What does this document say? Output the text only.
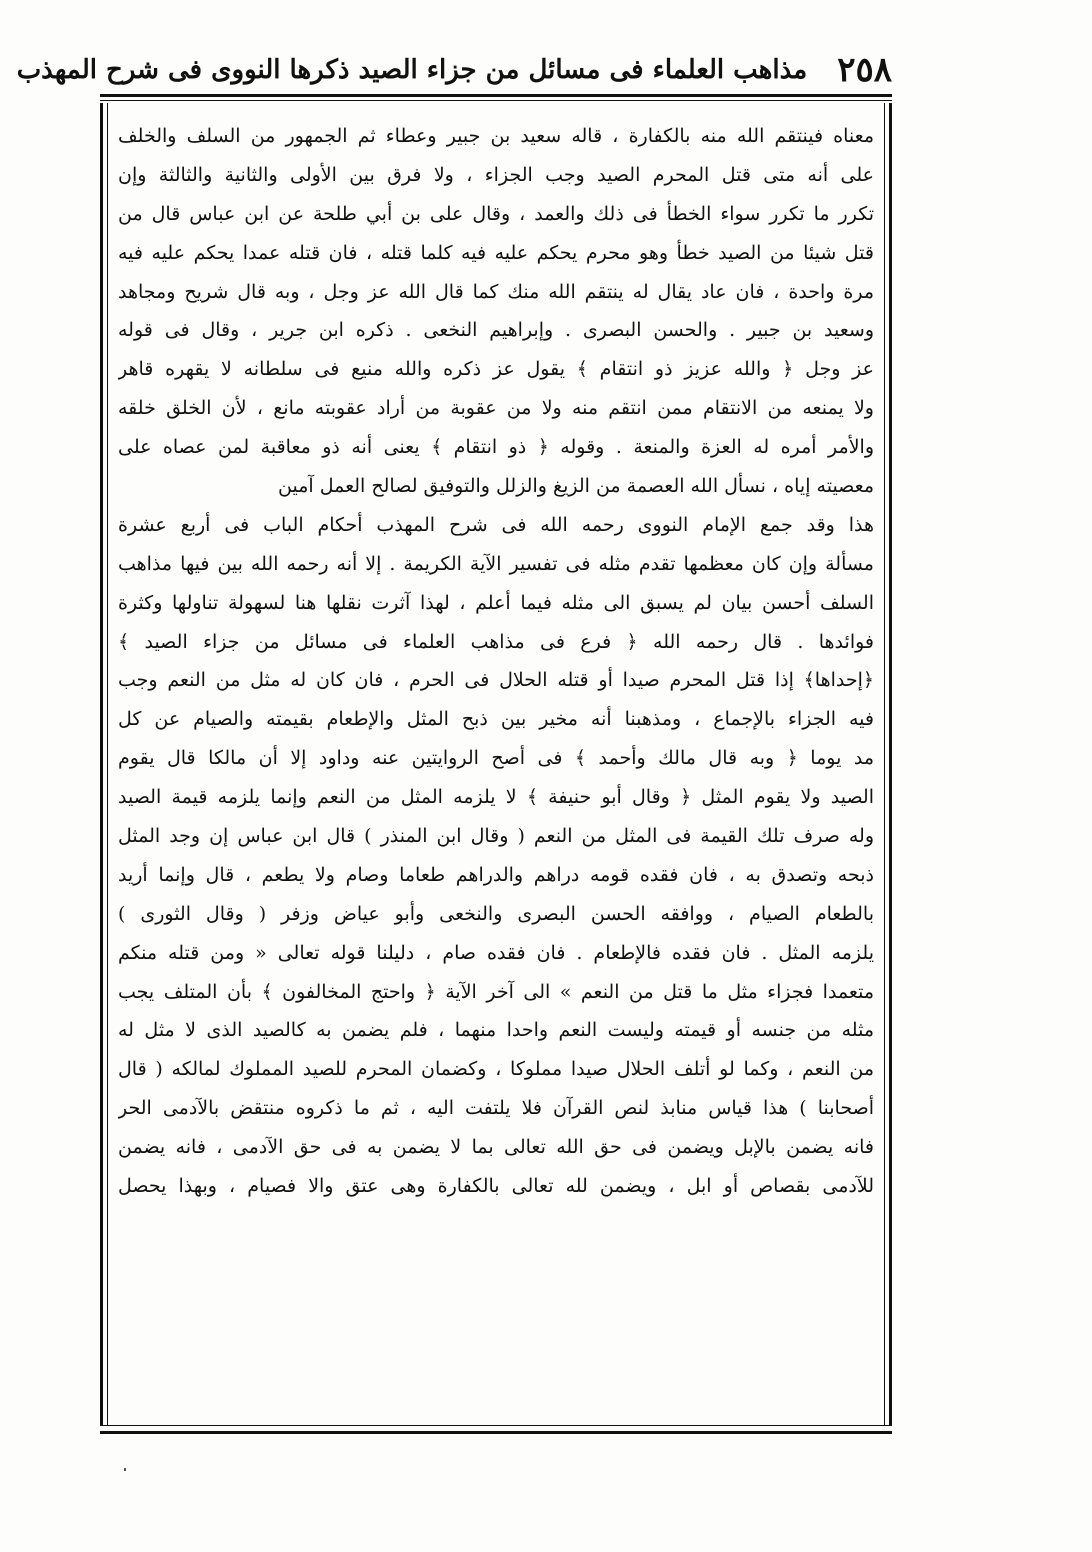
٢٥٨
مذاهب العلماء فى مسائل من جزاء الصيد ذكرها النووى فى شرح المهذب
معناه فينتقم الله منه بالكفارة ، قاله سعيد بن جبير وعطاء ثم الجمهور من السلف والخلف
على أنه متى قتل المحرم الصيد وجب الجزاء ، ولا فرق بين الأولى والثانية والثالثة وإن
تكرر ما تكرر سواء الخطأ فى ذلك والعمد ، وقال على بن أبي طلحة عن ابن عباس قال من
قتل شيئا من الصيد خطأ وهو محرم يحكم عليه فيه كلما قتله ، فان قتله عمدا يحكم عليه فيه
مرة واحدة ، فان عاد يقال له ينتقم الله منك كما قال الله عز وجل ، وبه قال شريح ومجاهد
وسعيد بن جبير . والحسن البصرى . وإبراهيم النخعى . ذكره ابن جرير ، وقال فى قوله
عز وجل ﴿ والله عزيز ذو انتقام ﴾ يقول عز ذكره والله منيع فى سلطانه لا يقهره قاهر
ولا يمنعه من الانتقام ممن انتقم منه ولا من عقوبة من أراد عقوبته مانع ، لأن الخلق خلقه
والأمر أمره له العزة والمنعة . وقوله ﴿ ذو انتقام ﴾ يعنى أنه ذو معاقبة لمن عصاه على
معصيته إياه ، نسأل الله العصمة من الزيغ والزلل والتوفيق لصالح العمل آمين
هذا وقد جمع الإمام النووى رحمه الله فى شرح المهذب أحكام الباب فى أربع عشرة
مسألة وإن كان معظمها تقدم مثله فى تفسير الآية الكريمة . إلا أنه رحمه الله بين فيها مذاهب
السلف أحسن بيان لم يسبق الى مثله فيما أعلم ، لهذا آثرت نقلها هنا لسهولة تناولها وكثرة
فوائدها . قال رحمه الله ﴿ فرع فى مذاهب العلماء فى مسائل من جزاء الصيد ﴾
﴿إحداها﴾ إذا قتل المحرم صيدا أو قتله الحلال فى الحرم ، فان كان له مثل من النعم وجب
فيه الجزاء بالإجماع ، ومذهبنا أنه مخير بين ذبح المثل والإطعام بقيمته والصيام عن كل
مد يوما ﴿ وبه قال مالك وأحمد ﴾ فى أصح الروايتين عنه وداود إلا أن مالكا قال يقوم
الصيد ولا يقوم المثل ﴿ وقال أبو حنيفة ﴾ لا يلزمه المثل من النعم وإنما يلزمه قيمة الصيد
وله صرف تلك القيمة فى المثل من النعم ( وقال ابن المنذر ) قال ابن عباس إن وجد المثل
ذبحه وتصدق به ، فان فقده قومه دراهم والدراهم طعاما وصام ولا يطعم ، قال وإنما أريد
بالطعام الصيام ، ووافقه الحسن البصرى والنخعى وأبو عياض وزفر ( وقال الثورى )
يلزمه المثل . فان فقده فالإطعام . فان فقده صام ، دليلنا قوله تعالى « ومن قتله منكم
متعمدا فجزاء مثل ما قتل من النعم » الى آخر الآية ﴿ واحتج المخالفون ﴾ بأن المتلف يجب
مثله من جنسه أو قيمته وليست النعم واحدا منهما ، فلم يضمن به كالصيد الذى لا مثل له
من النعم ، وكما لو أتلف الحلال صيدا مملوكا ، وكضمان المحرم للصيد المملوك لمالكه ( قال
أصحابنا ) هذا قياس منابذ لنص القرآن فلا يلتفت اليه ، ثم ما ذكروه منتقض بالآدمى الحر
فانه يضمن بالإبل ويضمن فى حق الله تعالى بما لا يضمن به فى حق الآدمى ، فانه يضمن
للآدمى بقصاص أو ابل ، ويضمن لله تعالى بالكفارة وهى عتق والا فصيام ، وبهذا يحصل
